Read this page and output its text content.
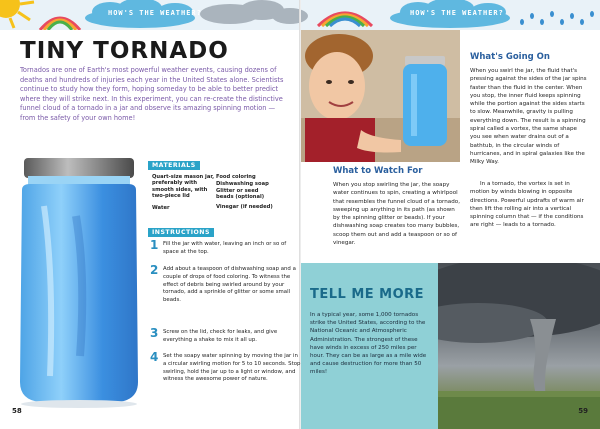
HOW'S THE WEATHER?	HOW'S THE WEATHER?
TINY TORNADO

Tornados are one of Earth's most powerful weather events, causing dozens of deaths and hundreds of injuries each year in the United States alone. Scientists continue to study how they form, hoping someday to be able to better predict where they will strike next. In this experiment, you can re-create the distinctive funnel cloud of a tornado in a jar and observe its amazing spinning motion — from the safety of your own home!

MATERIALS
Quart-size mason jar, preferably with smooth sides, with two-piece lid
Water
Food coloring
Dishwashing soap
Glitter or seed beads (optional)
Vinegar (if needed)
INSTRUCTIONS
1 Fill the jar with water, leaving an inch or so of space at the top.

2 Add about a teaspoon of dishwashing soap and a couple of drops of food coloring. To witness the effect of debris being swirled around by your tornado, add a sprinkle of glitter or some small beads.

3 Screw on the lid, check for leaks, and give everything a shake to mix it all up.

4 Set the soapy water spinning by moving the jar in a circular swirling motion for 5 to 10 seconds. Stop swirling, hold the jar up to a light or window, and witness the awesome power of nature.

58
What to Watch For

When you stop swirling the jar, the soapy water continues to spin, creating a whirlpool that resembles the funnel cloud of a tornado, sweeping up anything in its path (as shown by the spinning glitter or beads). If your dishwashing soap creates too many bubbles, scoop them out and add a teaspoon or so of vinegar.

What's Going On

When you swirl the jar, the fluid that's pressing against the sides of the jar spins faster than the fluid in the center. When you stop, the inner fluid keeps spinning while the portion against the sides starts to slow. Meanwhile, gravity is pulling everything down. The result is a spinning spiral called a vortex, the same shape you see when water drains out of a bathtub, in the circular winds of hurricanes, and in spiral galaxies like the Milky Way.

In a tornado, the vortex is set in motion by winds blowing in opposite directions. Powerful updrafts of warm air then lift the rolling air into a vertical spinning column that — if the conditions are right — leads to a tornado.

TELL ME MORE

In a typical year, some 1,000 tornados strike the United States, according to the National Oceanic and Atmospheric Administration. The strongest of these have winds in excess of 250 miles per hour. They can be as large as a mile wide and cause destruction for more than 50 miles!

59
